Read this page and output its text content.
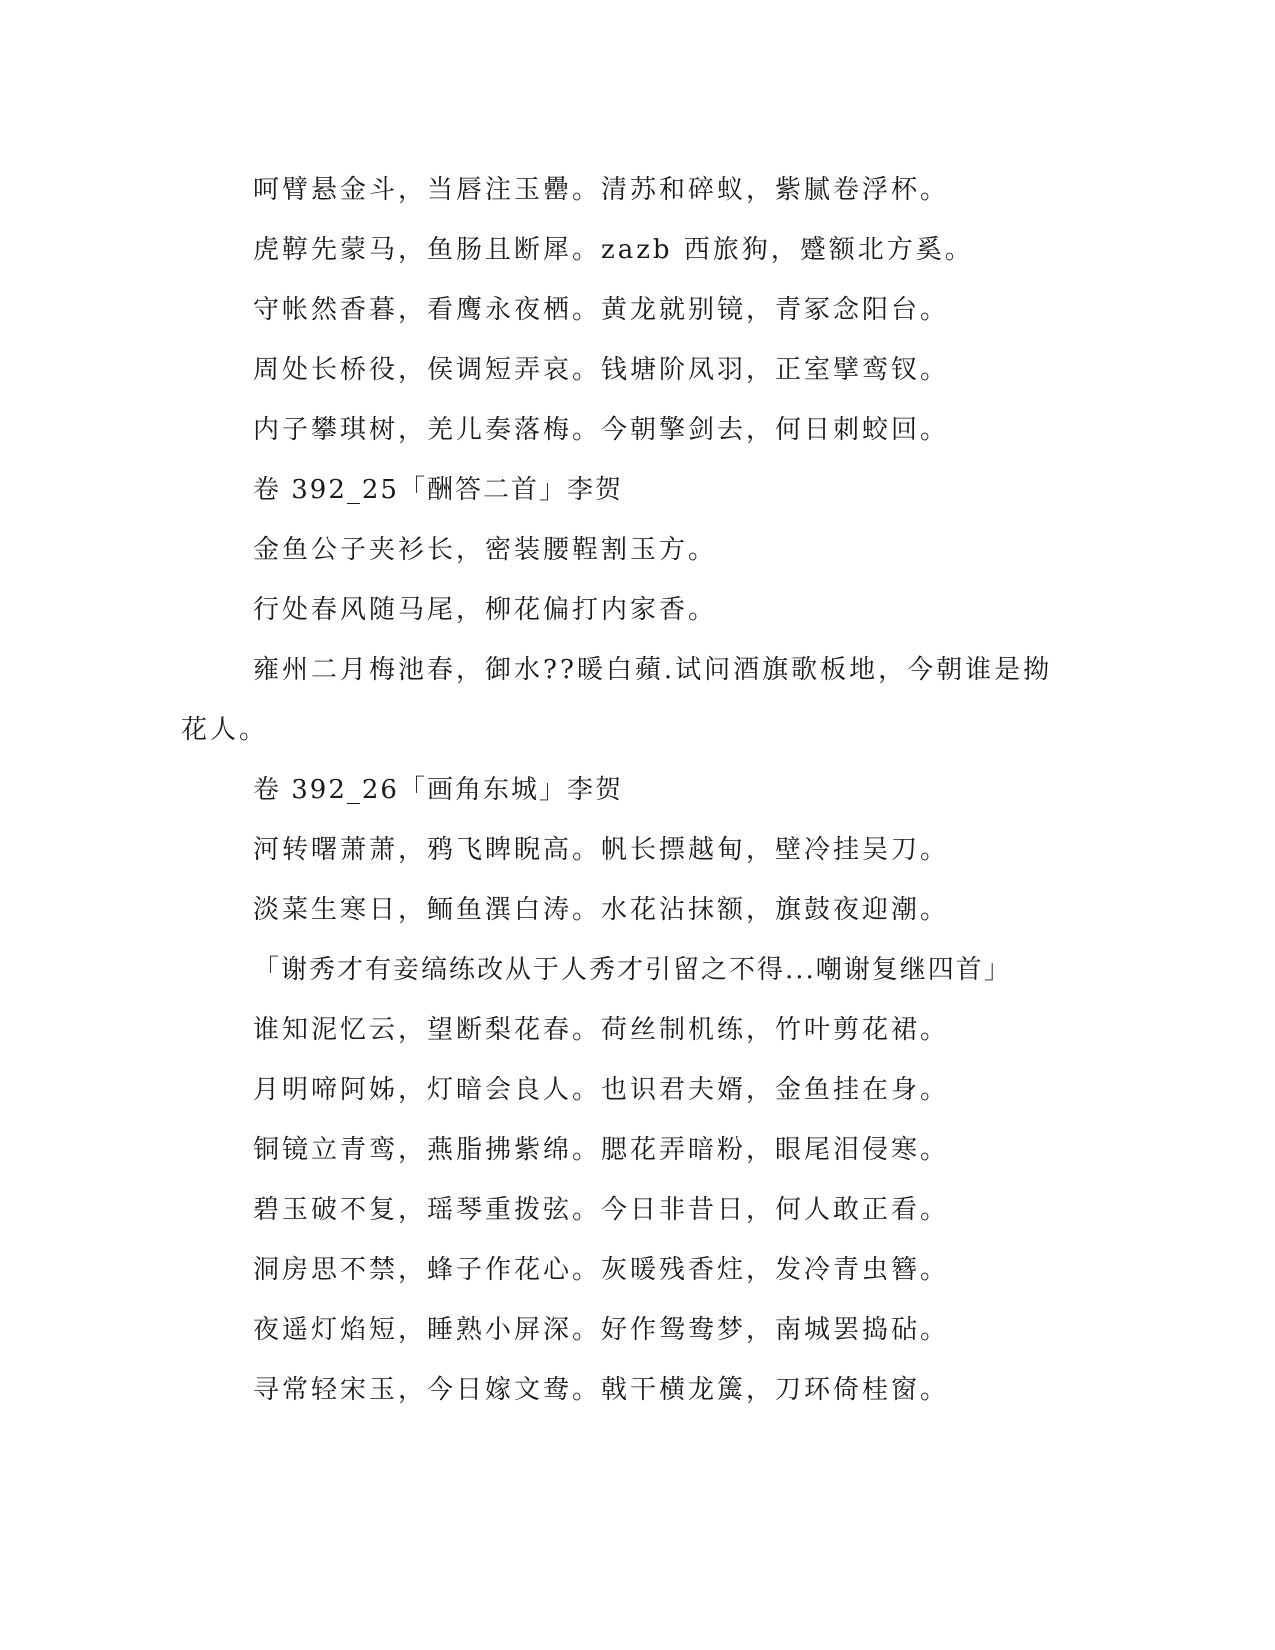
呵臂悬金斗，当唇注玉罍。清苏和碎蚁，紫腻卷浮杯。
虎鞟先蒙马，鱼肠且断犀。zazb 西旅狗，蹙额北方奚。
守帐然香暮，看鹰永夜栖。黄龙就别镜，青冢念阳台。
周处长桥役，侯调短弄哀。钱塘阶凤羽，正室擘鸾钗。
内子攀琪树，羌儿奏落梅。今朝擎剑去，何日刺蛟回。
卷 392_25「酬答二首」李贺
金鱼公子夹衫长，密装腰鞓割玉方。
行处春风随马尾，柳花偏打内家香。
雍州二月梅池春，御水??暖白蘋.试问酒旗歌板地，今朝谁是拗花人。
卷 392_26「画角东城」李贺
河转曙萧萧，鸦飞睥睨高。帆长摽越甸，壁冷挂吴刀。
淡菜生寒日，鲕鱼潠白涛。水花沾抹额，旗鼓夜迎潮。
「谢秀才有妾缟练改从于人秀才引留之不得...嘲谢复继四首」
谁知泥忆云，望断梨花春。荷丝制机练，竹叶剪花裙。
月明啼阿姊，灯暗会良人。也识君夫婿，金鱼挂在身。
铜镜立青鸾，燕脂拂紫绵。腮花弄暗粉，眼尾泪侵寒。
碧玉破不复，瑶琴重拨弦。今日非昔日，何人敢正看。
洞房思不禁，蜂子作花心。灰暖残香炷，发冷青虫簪。
夜遥灯焰短，睡熟小屏深。好作鸳鸯梦，南城罢捣砧。
寻常轻宋玉，今日嫁文鸯。戟干横龙簴，刀环倚桂窗。
